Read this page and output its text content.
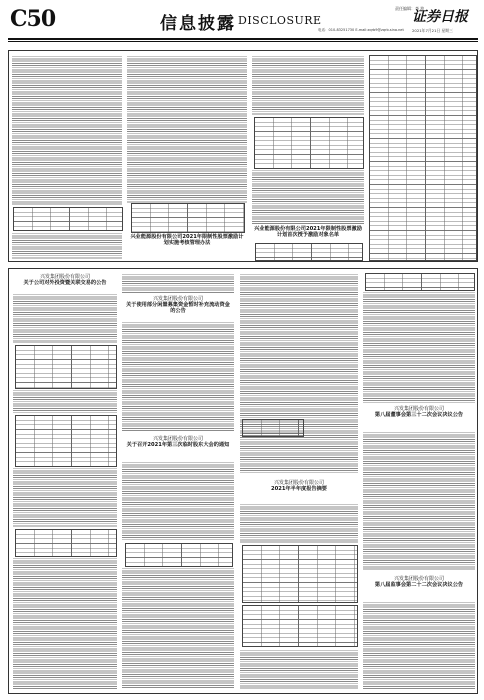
C50	信息披露 DISCLOSURE
责任编辑：李 波
证券日报
电话：010-83251730 E-mail:zqrb9@zqrb.sina.net 2021年7月21日 星期三
兴业能源股份有限公司2021年限制性股票激励计划实施考核管理办法
兴业能源股份有限公司2021年限制性股票激励计划首次授予激励对象名单
兴发集团股份有限公司
关于公司对外投资暨关联交易的公告
兴发集团股份有限公司
关于使用部分闲置募集资金暂时补充流动资金的公告
兴发集团股份有限公司
关于召开2021年第三次临时股东大会的通知
兴发集团股份有限公司
2021年半年度报告摘要
兴发集团股份有限公司
第八届董事会第三十二次会议决议公告
兴发集团股份有限公司
第八届监事会第二十二次会议决议公告
